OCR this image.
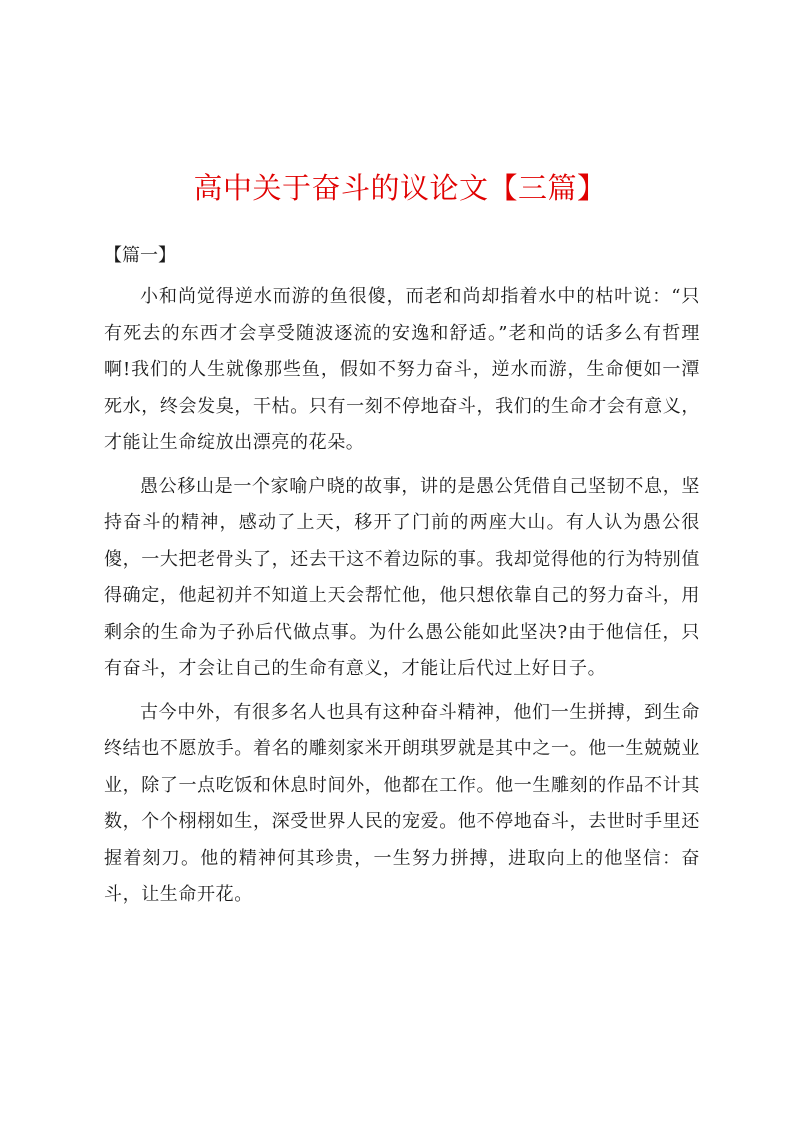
高中关于奋斗的议论文【三篇】
【篇一】

小和尚觉得逆水而游的鱼很傻，而老和尚却指着水中的枯叶说：“只有死去的东西才会享受随波逐流的安逸和舒适。”老和尚的话多么有哲理啊!我们的人生就像那些鱼，假如不努力奋斗，逆水而游，生命便如一潭死水，终会发臭，干枯。只有一刻不停地奋斗，我们的生命才会有意义，才能让生命绽放出漂亮的花朵。

愚公移山是一个家喻户晓的故事，讲的是愚公凭借自己坚韧不息，坚持奋斗的精神，感动了上天，移开了门前的两座大山。有人认为愚公很傻，一大把老骨头了，还去干这不着边际的事。我却觉得他的行为特别值得确定，他起初并不知道上天会帮忙他，他只想依靠自己的努力奋斗，用剩余的生命为子孙后代做点事。为什么愚公能如此坚决?由于他信任，只有奋斗，才会让自己的生命有意义，才能让后代过上好日子。

古今中外，有很多名人也具有这种奋斗精神，他们一生拼搏，到生命终结也不愿放手。着名的雕刻家米开朗琪罗就是其中之一。他一生兢兢业业，除了一点吃饭和休息时间外，他都在工作。他一生雕刻的作品不计其数，个个栩栩如生，深受世界人民的宠爱。他不停地奋斗，去世时手里还握着刻刀。他的精神何其珍贵，一生努力拼搏，进取向上的他坚信：奋斗，让生命开花。
